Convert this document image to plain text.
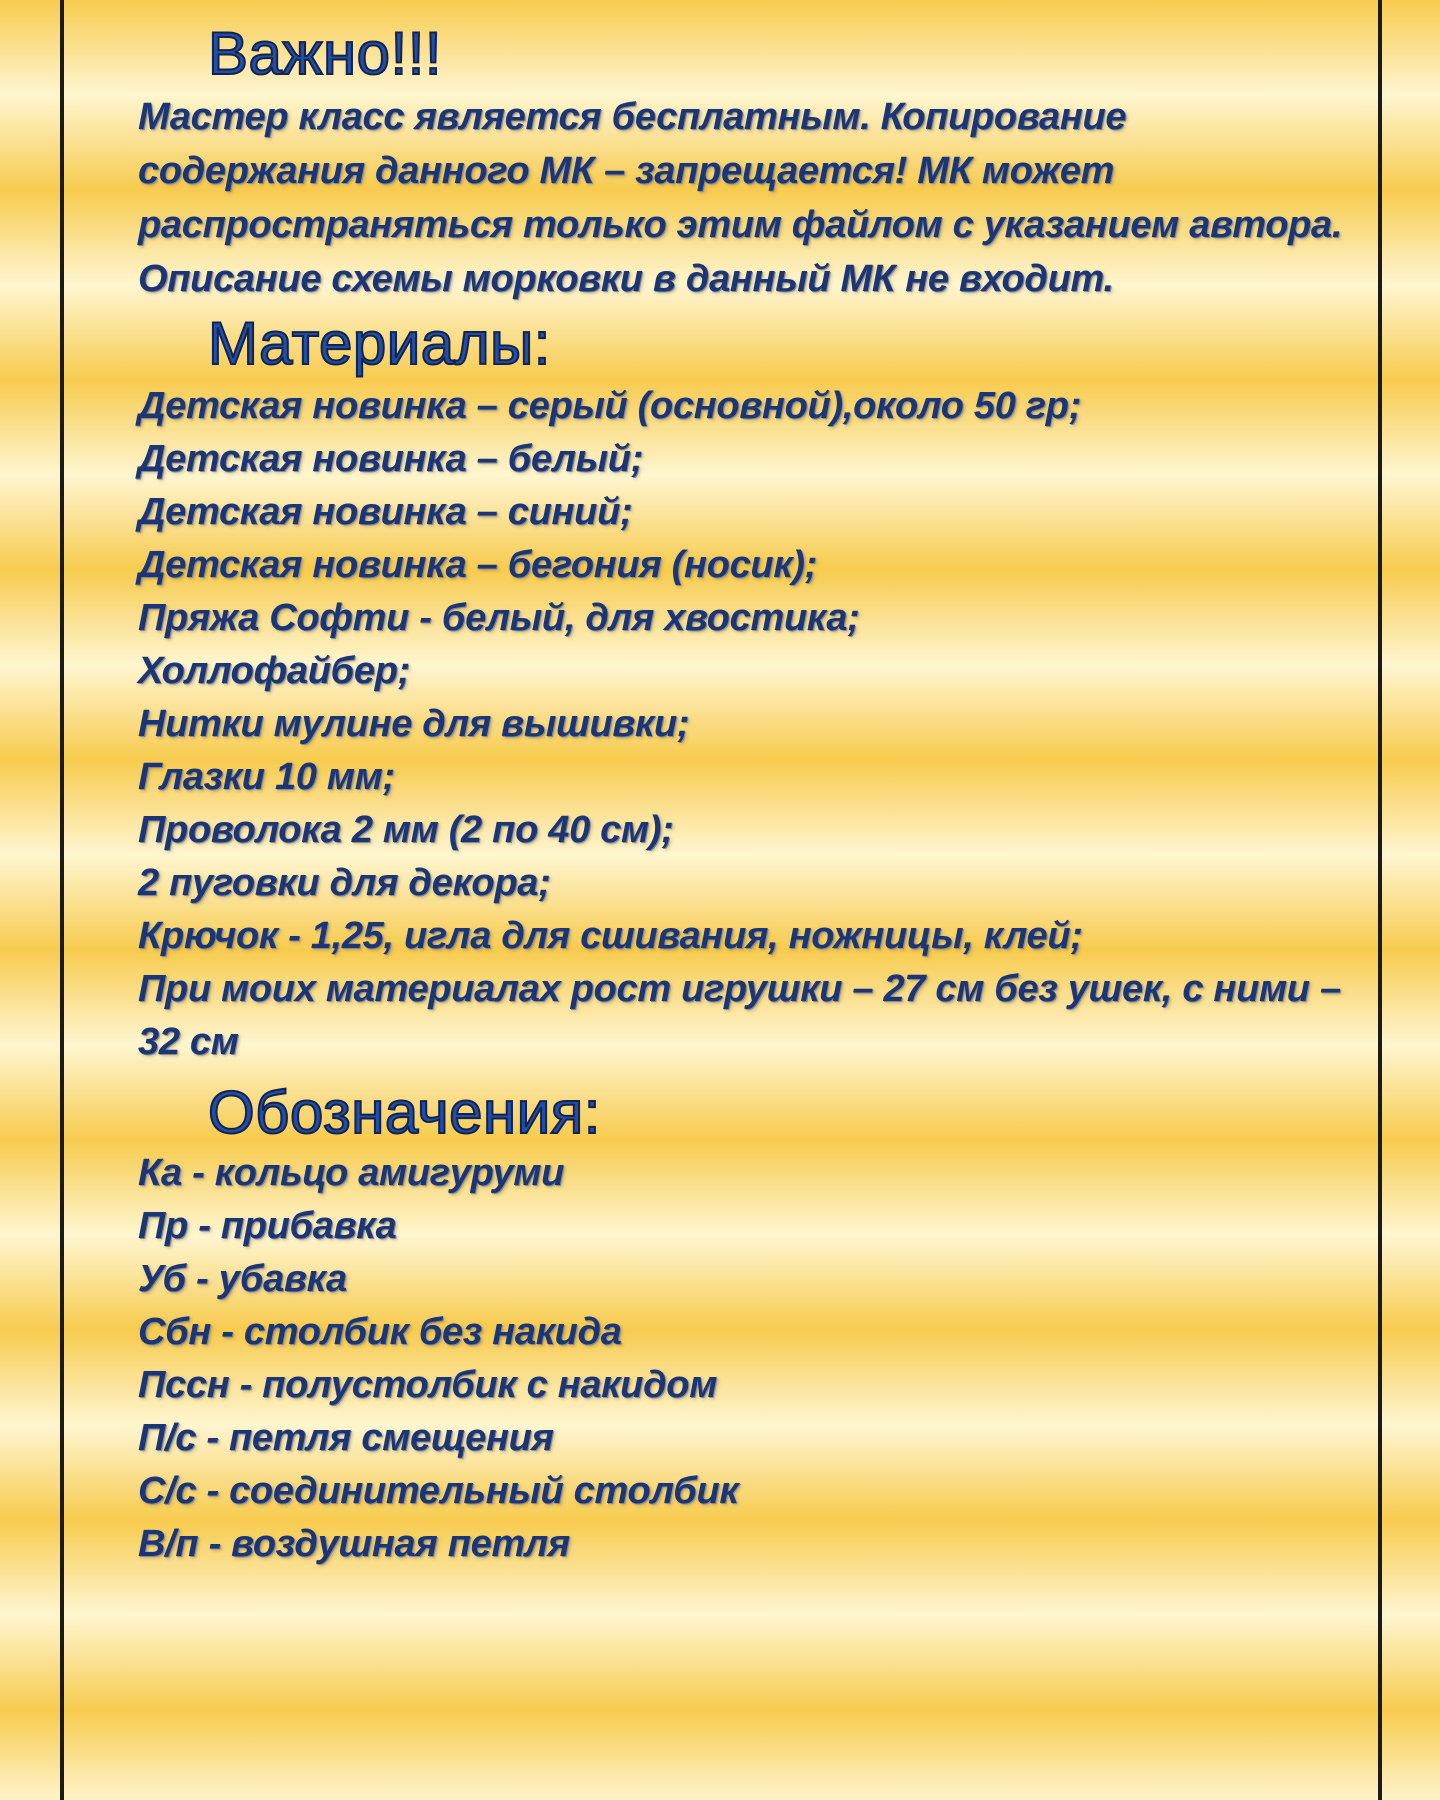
Важно!!!

Мастер класс является бесплатным. Копирование содержания данного МК – запрещается! МК может распространяться только этим файлом с указанием автора. Описание схемы морковки в данный МК не входит.

Материалы:
Детская новинка – серый (основной),около 50 гр;
Детская новинка – белый;
Детская новинка – синий;
Детская новинка – бегония (носик);
Пряжа Софти - белый, для хвостика;
Холлофайбер;
Нитки мулине для вышивки;
Глазки 10 мм;
Проволока 2 мм (2 по 40 см);
2 пуговки для декора;
Крючок - 1,25, игла для сшивания, ножницы, клей;
При моих материалах рост игрушки – 27 см без ушек, с ними – 32 см
Обозначения:
Ка - кольцо амигуруми
Пр - прибавка
Уб - убавка
Сбн - столбик без накида
Пссн - полустолбик с накидом
П/с - петля смещения
С/с - соединительный столбик
В/п - воздушная петля
